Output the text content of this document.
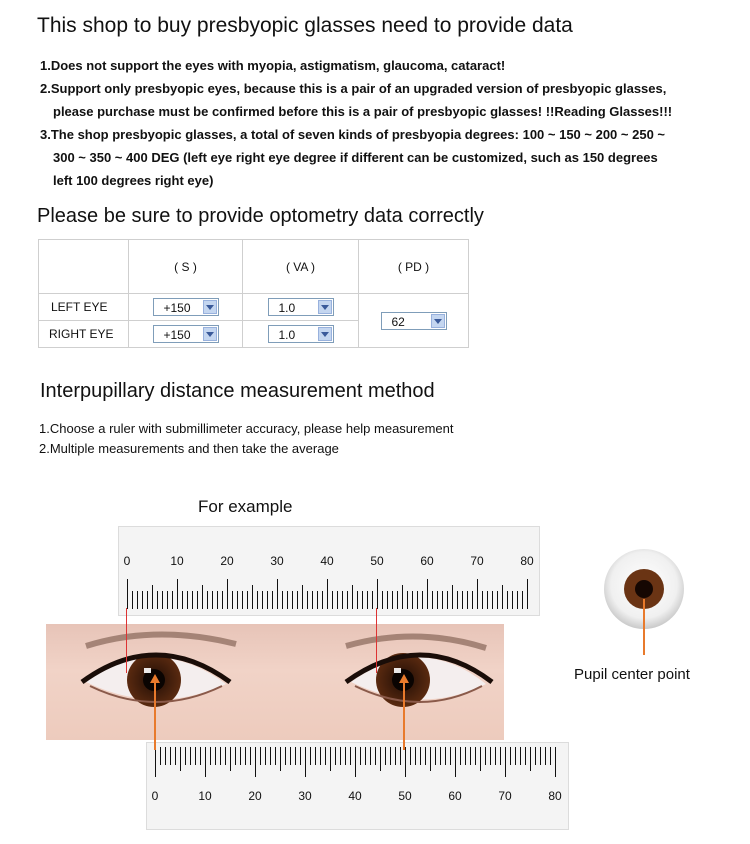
This shop to buy presbyopic glasses need to provide data
1.Does not support the eyes with myopia, astigmatism, glaucoma, cataract!
2.Support only presbyopic eyes, because this is a pair of an upgraded version of presbyopic glasses,
please purchase must be confirmed before this is a pair of presbyopic glasses! !!Reading Glasses!!!
3.The shop presbyopic glasses, a total of seven kinds of presbyopia degrees: 100 ~ 150 ~ 200 ~ 250 ~
300 ~ 350 ~ 400 DEG (left eye right eye degree if different can be customized, such as 150 degrees
left 100 degrees right eye)
Please be sure to provide optometry data correctly
	( S )	( VA )	( PD )
LEFT EYE	+150	1.0	62

RIGHT EYE	+150	1.0	
Interpupillary distance measurement method
1.Choose a ruler with submillimeter accuracy, please help measurement
2.Multiple measurements and then take the average
For example
0	10	20	30	40	50	60	70	80
0	10	20	30	40	50	60	70	80
Pupil center point
